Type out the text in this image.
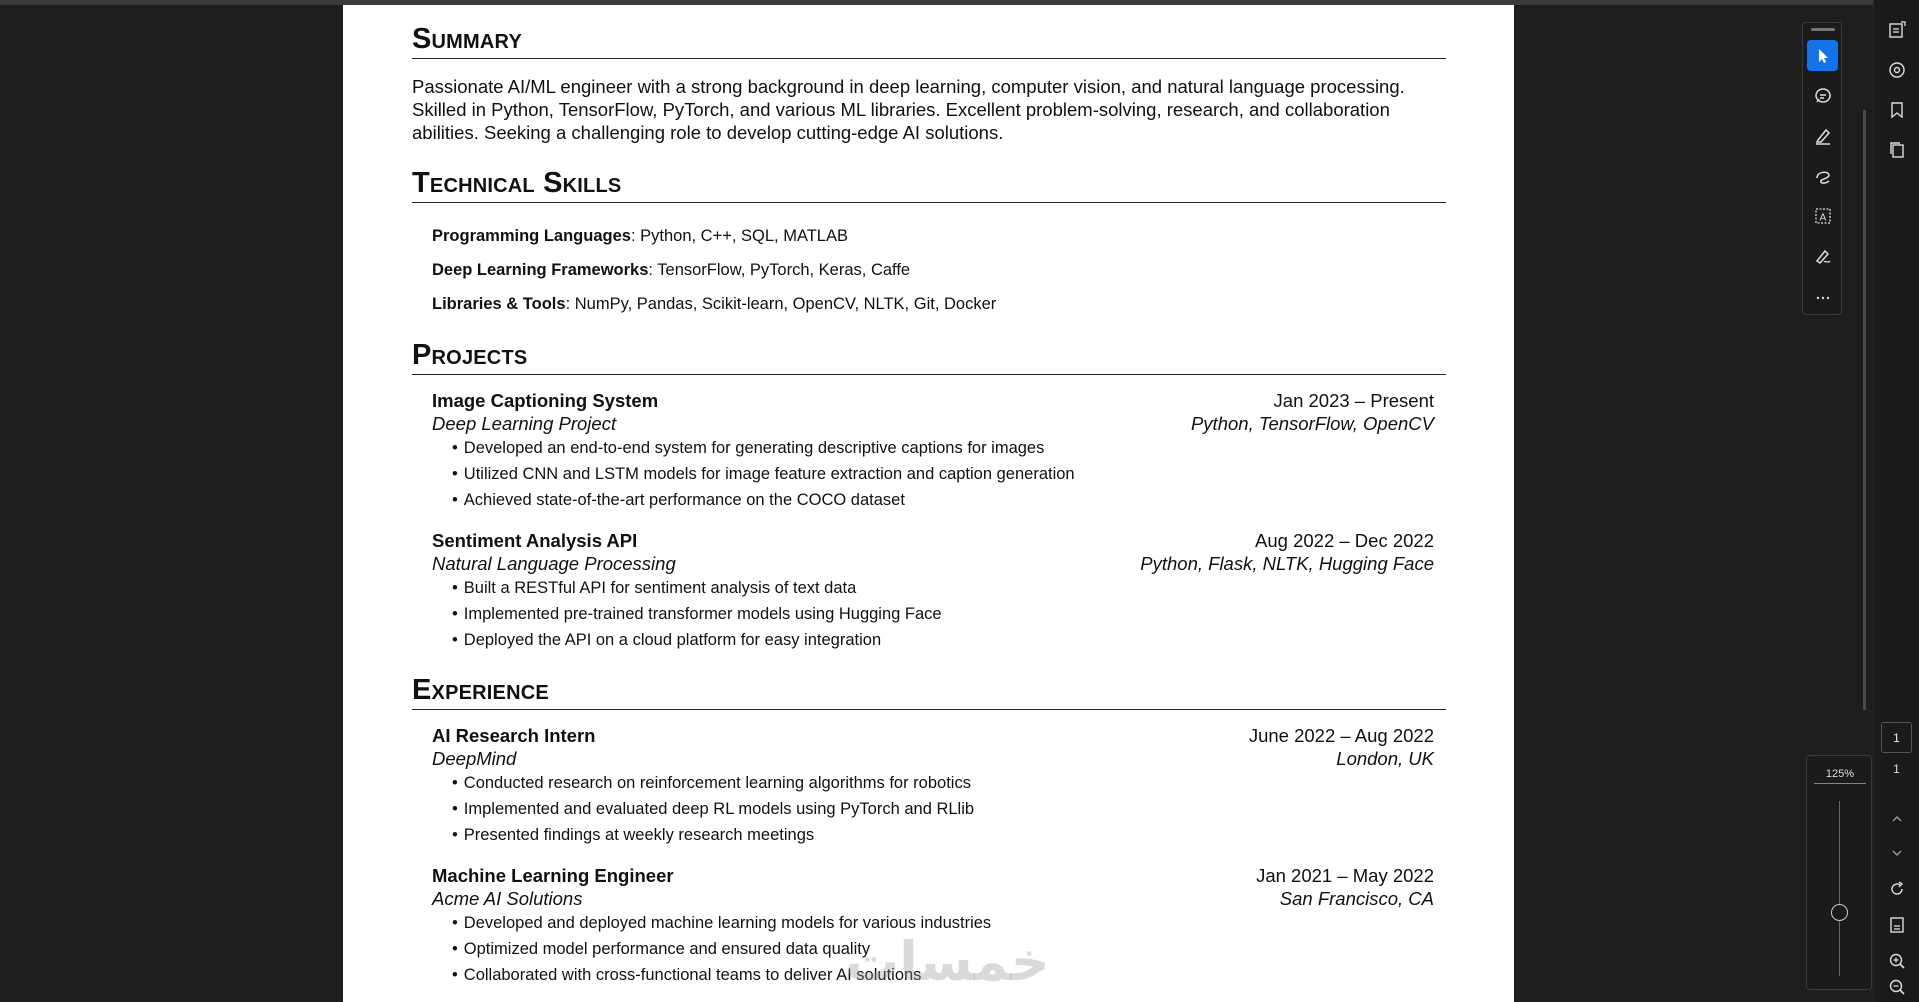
Summary

Passionate AI/ML engineer with a strong background in deep learning, computer vision, and natural language processing. Skilled in Python, TensorFlow, PyTorch, and various ML libraries. Excellent problem-solving, research, and collaboration abilities. Seeking a challenging role to develop cutting-edge AI solutions.

Technical Skills
Programming Languages: Python, C++, SQL, MATLAB
Deep Learning Frameworks: TensorFlow, PyTorch, Keras, Caffe
Libraries & Tools: NumPy, Pandas, Scikit-learn, OpenCV, NLTK, Git, Docker
Projects
Image Captioning System	Jan 2023 – Present
Deep Learning Project	Python, TensorFlow, OpenCV
• Developed an end-to-end system for generating descriptive captions for images
• Utilized CNN and LSTM models for image feature extraction and caption generation
• Achieved state-of-the-art performance on the COCO dataset
Sentiment Analysis API	Aug 2022 – Dec 2022
Natural Language Processing	Python, Flask, NLTK, Hugging Face
• Built a RESTful API for sentiment analysis of text data
• Implemented pre-trained transformer models using Hugging Face
• Deployed the API on a cloud platform for easy integration
Experience
AI Research Intern	June 2022 – Aug 2022
DeepMind	London, UK
• Conducted research on reinforcement learning algorithms for robotics
• Implemented and evaluated deep RL models using PyTorch and RLlib
• Presented findings at weekly research meetings
Machine Learning Engineer	Jan 2021 – May 2022
Acme AI Solutions	San Francisco, CA
• Developed and deployed machine learning models for various industries
• Optimized model performance and ensured data quality
• Collaborated with cross-functional teams to deliver AI solutions
خمسات
A
1
1
125%
